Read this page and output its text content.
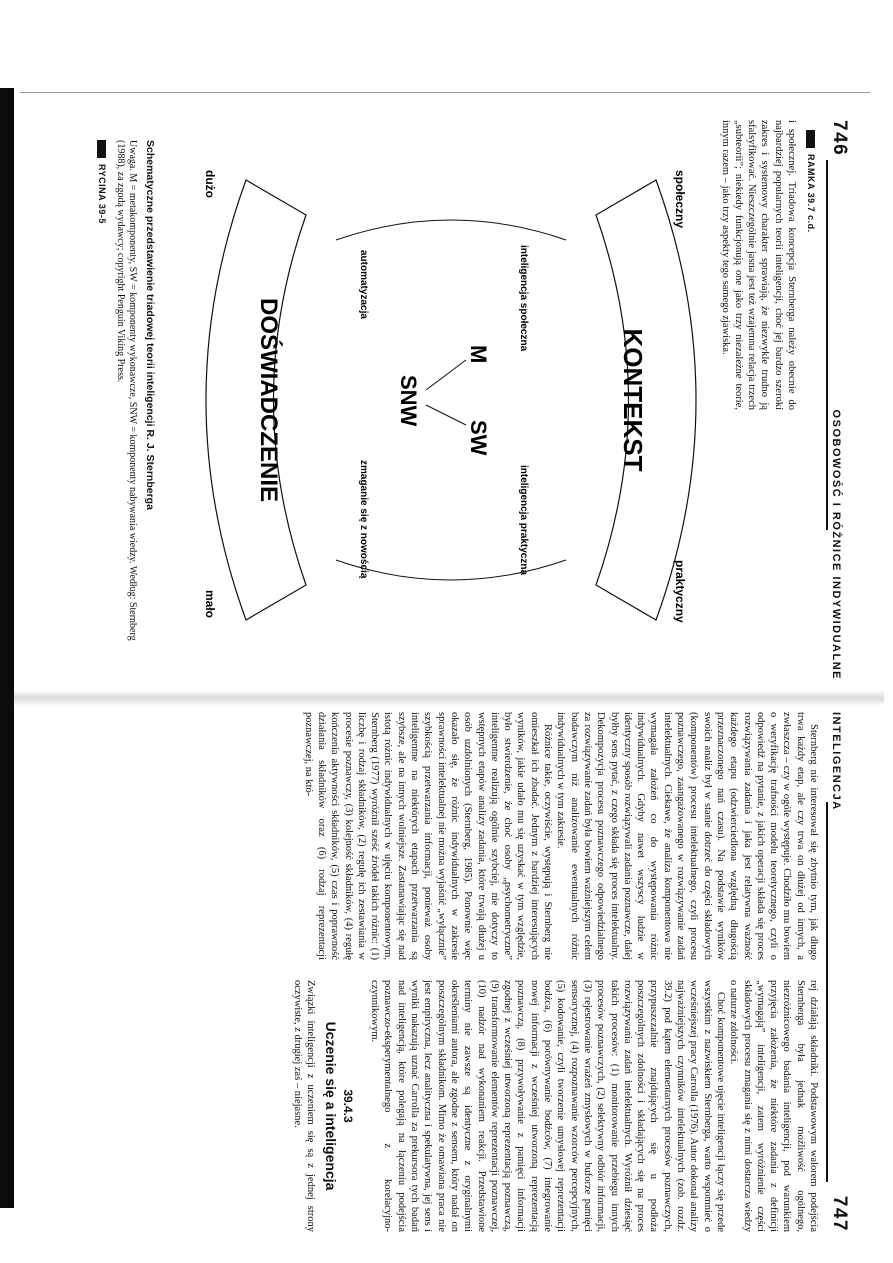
746
OSOBOWOŚĆ I RÓŻNICE INDYWIDUALNE
RAMKA 39.7 c.d.

i społecznej. Triadowa koncepcja Sternberga należy obecnie do najbardziej popularnych teorii inteligencji, choć jej bardzo szeroki zakres i systemowy charakter sprawiają, że niezwykle trudno ją sfalsyfikować. Nieszczególnie jasna jest też wzajemna relacja trzech „subteorii”; niekiedy funkcjonują one jako trzy niezależne teorie, innym razem – jako trzy aspekty tego samego zjawiska.

KONTEKST
DOŚWIADCZENIE
społeczny
praktyczny
dużo
mało
inteligencja społeczna
inteligencja praktyczna
automatyzacja
zmaganie się z nowością
M
SW
SNW
Schematyczne przedstawienie triadowej teorii inteligencji R. J. Sternberga
Uwaga. M = metakomponenty, SW = komponenty wykonawcze, SNW = komponenty nabywania wiedzy. Według: Sternberg (1988), za zgodą wydawcy; copyright Penguin Viking Press.
RYCINA 39-5
INTELIGENCJA
747

Sternberg nie interesował się zbytnio tym, jak długo trwa każdy etap, ale czy trwa on dłużej od innych, a zwłaszcza – czy w ogóle występuje. Chodziło mu bowiem o weryfikację trafności modelu teoretycznego, czyli o odpowiedź na pytanie, z jakich operacji składa się proces rozwiązywania zadania i jaka jest relatywna ważność każdego etapu (odzwierciedlona względną długością przeznaczonego nań czasu). Na podstawie wyników swoich analiz był w stanie dotrzeć do części składowych (komponentów) procesu intelektualnego, czyli procesu poznawczego, zaangażowanego w rozwiązywanie zadań intelektualnych. Ciekawe, że analiza komponentowa nie wymagała założeń co do występowania różnic indywidualnych. Gdyby nawet wszyscy ludzie w identyczny sposób rozwiązywali zadania poznawcze, dalej byłby sens pytać, z czego składa się proces intelektualny. Dekompozycja procesu poznawczego odpowiedzialnego za rozwiązywanie zadań była bowiem ważniejszym celem badawczym niż analizowanie ewentualnych różnic indywidualnych w tym zakresie.

Różnice takie, oczywiście, występują i Sternberg nie omieszkał ich zbadać. Jednym z bardziej interesujących wyników, jakie udało mu się uzyskać w tym względzie, było stwierdzenie, że choć osoby „psychometryczne” inteligentne realizują ogólnie szybciej, nie dotyczy to wstępnych etapów analizy zadania, które trwają dłużej u osób uzdolnionych (Sternberg, 1985). Ponownie więc okazało się, że różnic indywidualnych w zakresie sprawności intelektualnej nie można wyjaśnić „wyłącznie” szybkością przetwarzania informacji, ponieważ osoby inteligentne na niektórych etapach przetwarzania są szybsze, ale na innych wolniejsze. Zastanawiając się nad istotą różnic indywidualnych w ujęciu komponentowym, Sternberg (1977) wyróżnił sześć źródeł takich różnic: (1) liczbę i rodzaj składników, (2) regułę ich zestawiania w procesie poznawczy, (3) kolejność składników, (4) regułę kończenia aktywności składników, (5) czas i poprawność działania składników oraz (6) rodzaj reprezentacji poznawczej, na któ-

rej działają składniki. Podstawowym walorem podejścia Sternberga była jednak możliwość ogólnego, niezróżnicowego badania inteligencji, pod warunkiem przyjęcia założenia, że niektóre zadania z definicji „wymagają” inteligencji, zatem wyróżnienie części składowych procesu zmagania się z nimi dostarcza wiedzy o naturze zdolności.

Choć komponentowe ujęcie inteligencji łączy się przede wszystkim z nazwiskiem Sternberga, warto wspomnieć o wcześniejszej pracy Carrolla (1976). Autor dokonał analizy najważniejszych czynników intelektualnych (zob. rozdz. 39.2) pod kątem elementarnych procesów poznawczych, przypuszczalnie znajdujących się u podłoża poszczególnych zdolności i składających się na proces rozwiązywania zadań intelektualnych. Wyróżnił dziesięć takich procesów: (1) monitorowanie przebiegu innych procesów poznawczych, (2) selektywny odbiór informacji, (3) rejestrowanie wrażeń zmysłowych w buforze pamięci sensorycznej, (4) rozpoznawanie wzorców percepcyjnych, (5) kodowanie, czyli tworzenie umysłowej reprezentacji bodźca, (6) porównywanie bodźców, (7) integrowanie nowej informacji z wcześniej utworzoną reprezentacją poznawczą, (8) przywoływanie z pamięci informacji zgodnej z wcześniej utworzoną reprezentacją poznawczą, (9) transformowanie elementów reprezentacji poznawczej, (10) nadzór nad wykonaniem reakcji. Przedstawione terminy nie zawsze są identyczne z oryginalnymi określeniami autora, ale zgodne z sensem, który nadał on poszczególnym składnikom. Mimo że omawiana praca nie jest empiryczna, lecz analityczna i spekulatywna, jej sens i wyniki nakazują uznać Carrolla za prekursora tych badań nad inteligencją, które polegają na łączeniu podejścia poznawczo-eksperymentalnego z korelacyjno-czynnikowym.

39.4.3
Uczenie się a inteligencja

Związki inteligencji z uczeniem się są z jednej strony oczywiste, z drugiej zaś – niejasne.
